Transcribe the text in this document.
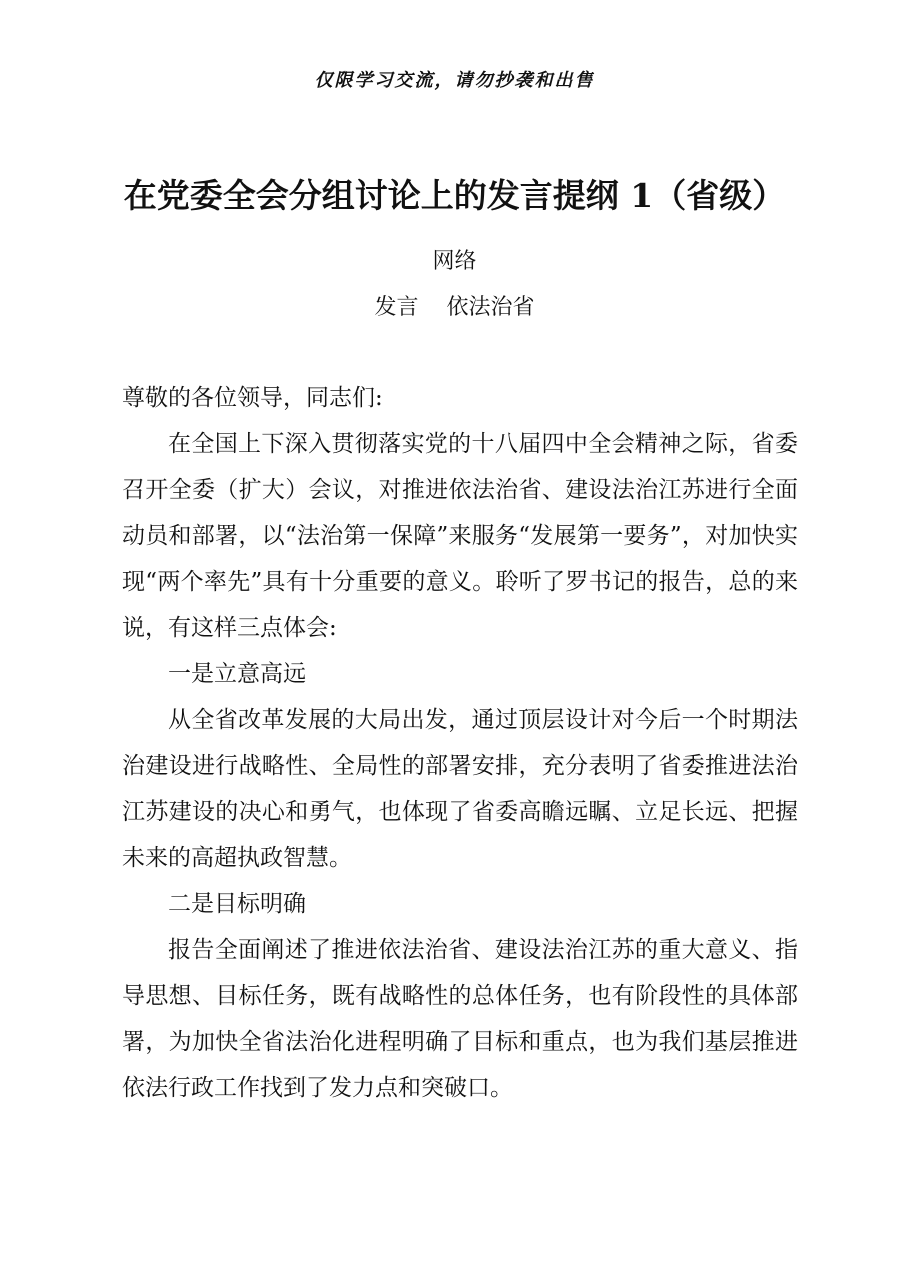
仅限学习交流，请勿抄袭和出售
在党委全会分组讨论上的发言提纲 1（省级）
网络
发言 依法治省

尊敬的各位领导，同志们:

在全国上下深入贯彻落实党的十八届四中全会精神之际，省委召开全委（扩大）会议，对推进依法治省、建设法治江苏进行全面动员和部署，以“法治第一保障”来服务“发展第一要务”，对加快实现“两个率先”具有十分重要的意义。聆听了罗书记的报告，总的来说，有这样三点体会:

一是立意高远

从全省改革发展的大局出发，通过顶层设计对今后一个时期法治建设进行战略性、全局性的部署安排，充分表明了省委推进法治江苏建设的决心和勇气，也体现了省委高瞻远瞩、立足长远、把握未来的高超执政智慧。

二是目标明确

报告全面阐述了推进依法治省、建设法治江苏的重大意义、指导思想、目标任务，既有战略性的总体任务，也有阶段性的具体部署，为加快全省法治化进程明确了目标和重点，也为我们基层推进依法行政工作找到了发力点和突破口。
